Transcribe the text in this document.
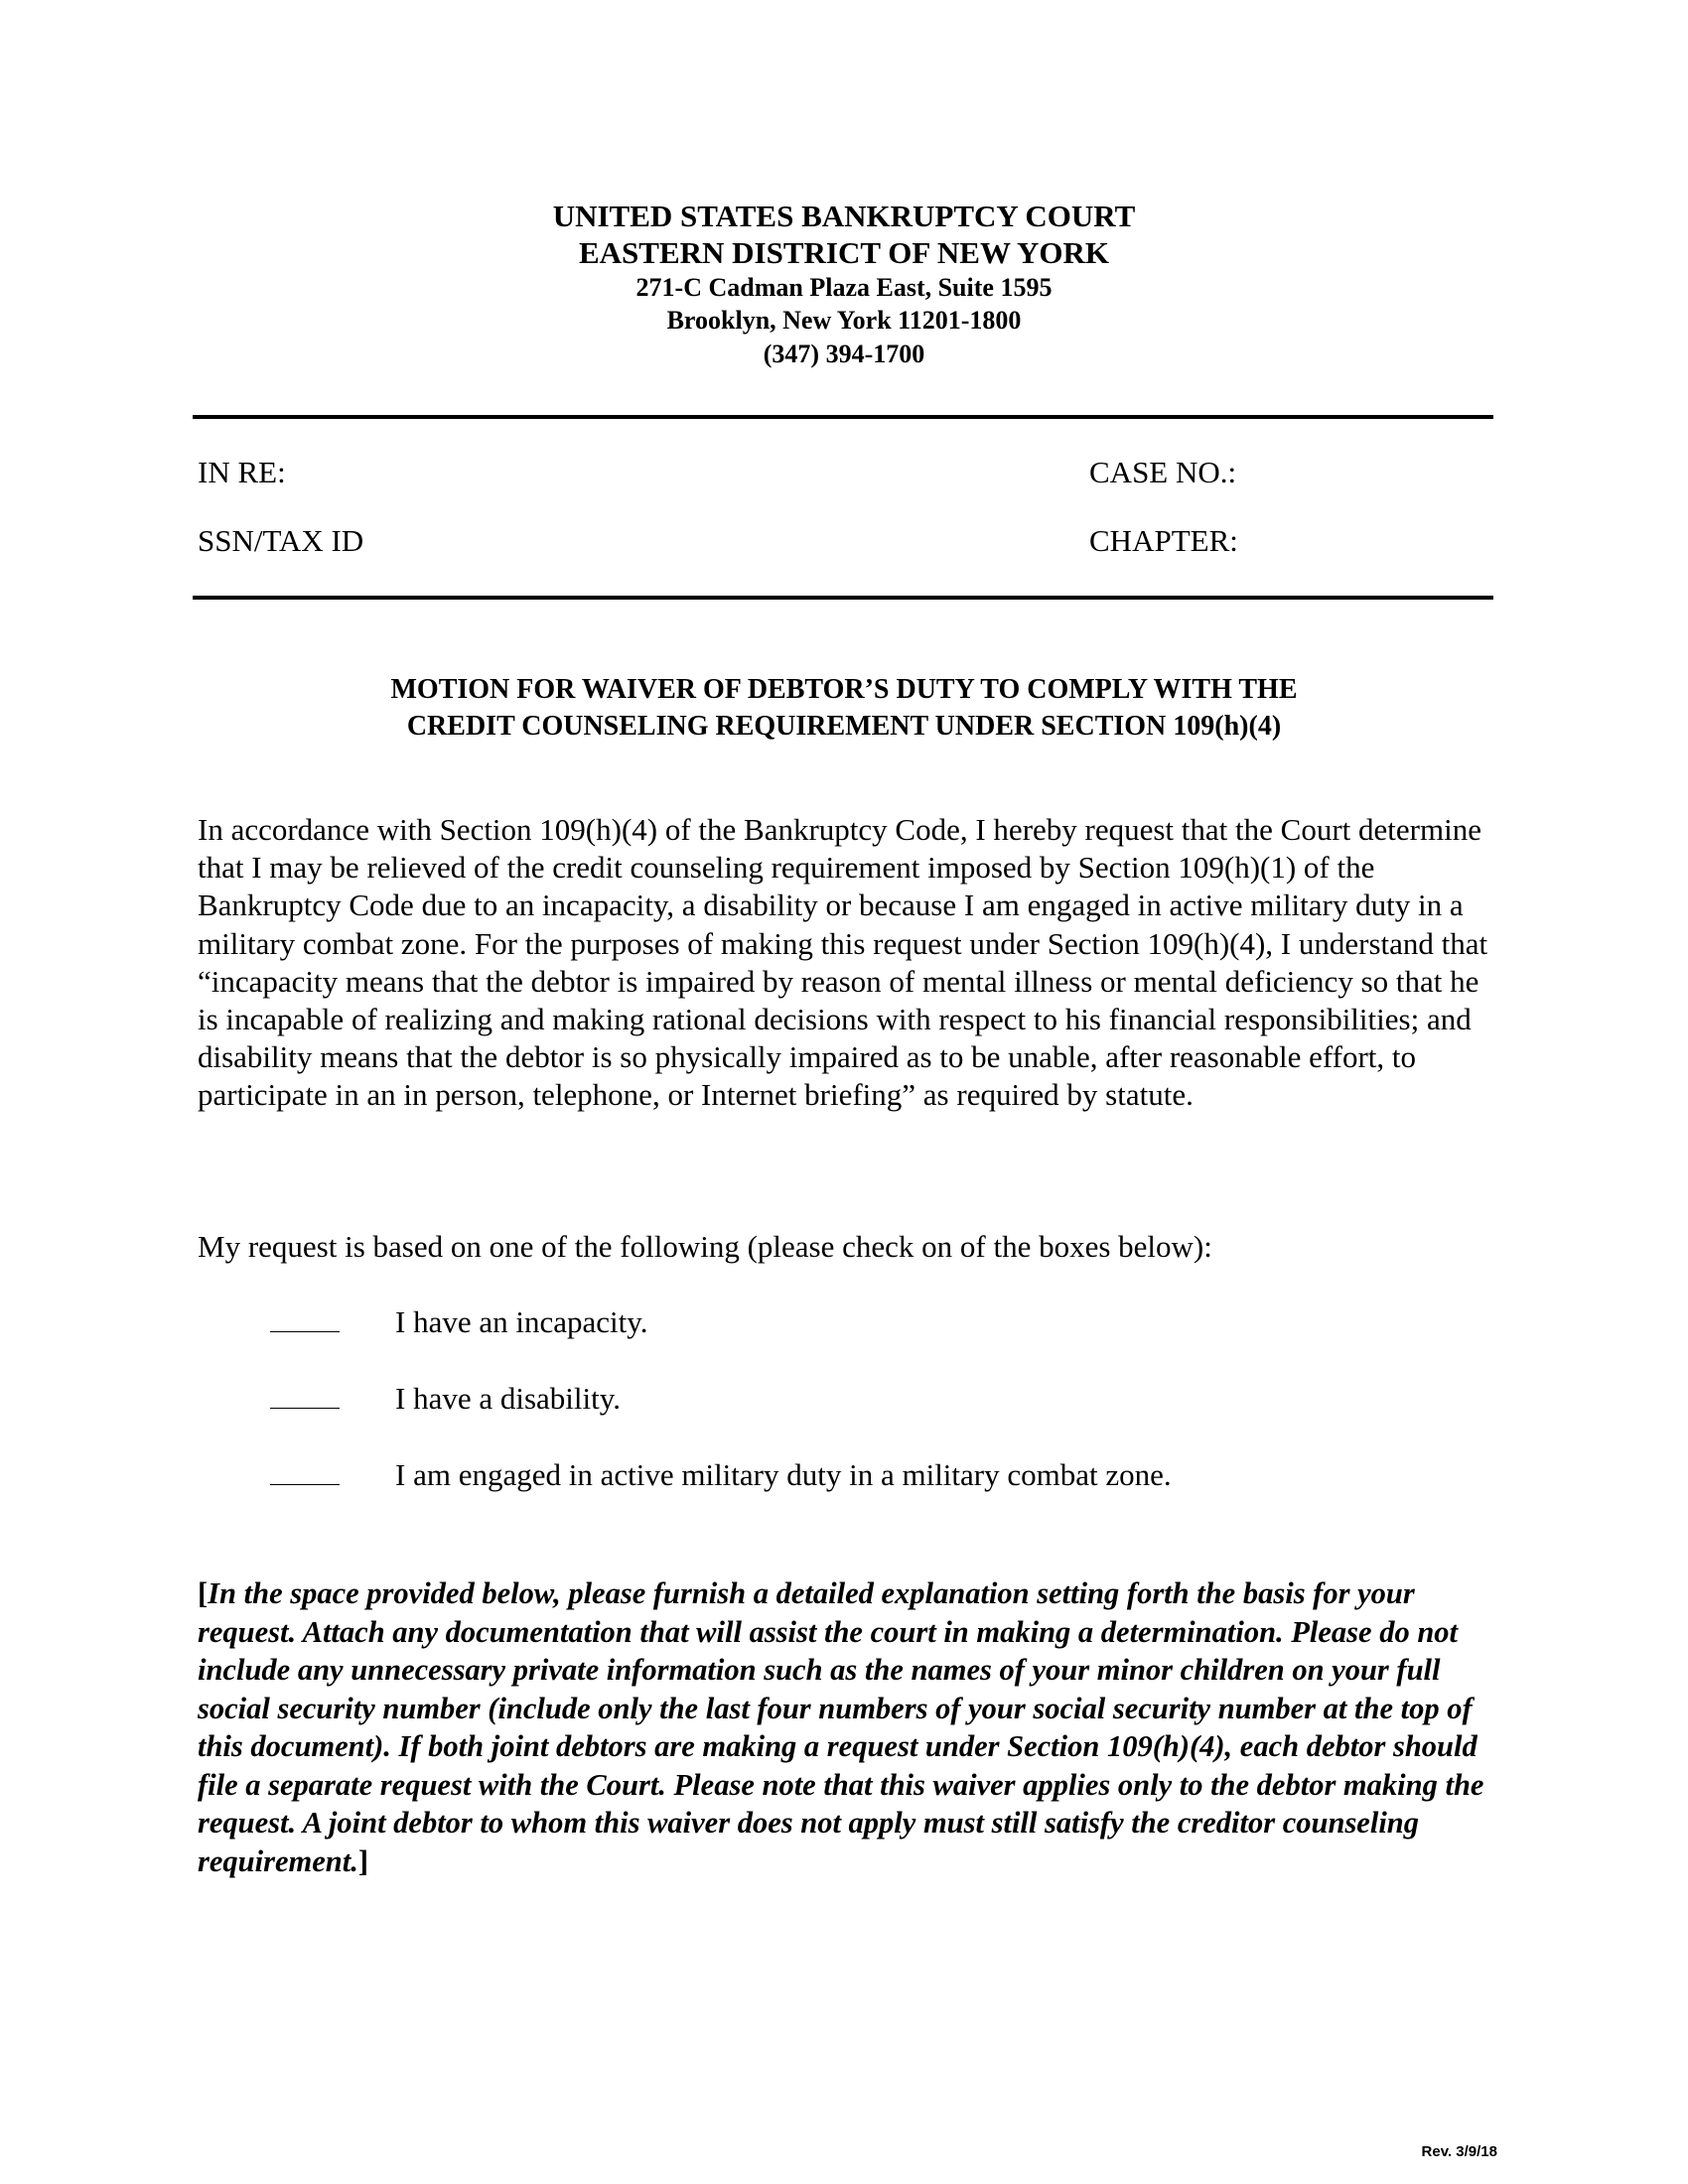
UNITED STATES BANKRUPTCY COURT
EASTERN DISTRICT OF NEW YORK
271-C Cadman Plaza East, Suite 1595
Brooklyn, New York 11201-1800
(347) 394-1700
IN RE:	CASE NO.:
SSN/TAX ID	CHAPTER:
MOTION FOR WAIVER OF DEBTOR’S DUTY TO COMPLY WITH THE
CREDIT COUNSELING REQUIREMENT UNDER SECTION 109(h)(4)
In accordance with Section 109(h)(4) of the Bankruptcy Code, I hereby request that the Court determine that I may be relieved of the credit counseling requirement imposed by Section 109(h)(1) of the Bankruptcy Code due to an incapacity, a disability or because I am engaged in active military duty in a military combat zone. For the purposes of making this request under Section 109(h)(4), I understand that “incapacity means that the debtor is impaired by reason of mental illness or mental deficiency so that he is incapable of realizing and making rational decisions with respect to his financial responsibilities; and disability means that the debtor is so physically impaired as to be unable, after reasonable effort, to participate in an in person, telephone, or Internet briefing” as required by statute.
My request is based on one of the following (please check on of the boxes below):
I have an incapacity.
I have a disability.
I am engaged in active military duty in a military combat zone.
[In the space provided below, please furnish a detailed explanation setting forth the basis for your request. Attach any documentation that will assist the court in making a determination. Please do not include any unnecessary private information such as the names of your minor children on your full social security number (include only the last four numbers of your social security number at the top of this document). If both joint debtors are making a request under Section 109(h)(4), each debtor should file a separate request with the Court. Please note that this waiver applies only to the debtor making the request. A joint debtor to whom this waiver does not apply must still satisfy the creditor counseling requirement.]
Rev. 3/9/18
